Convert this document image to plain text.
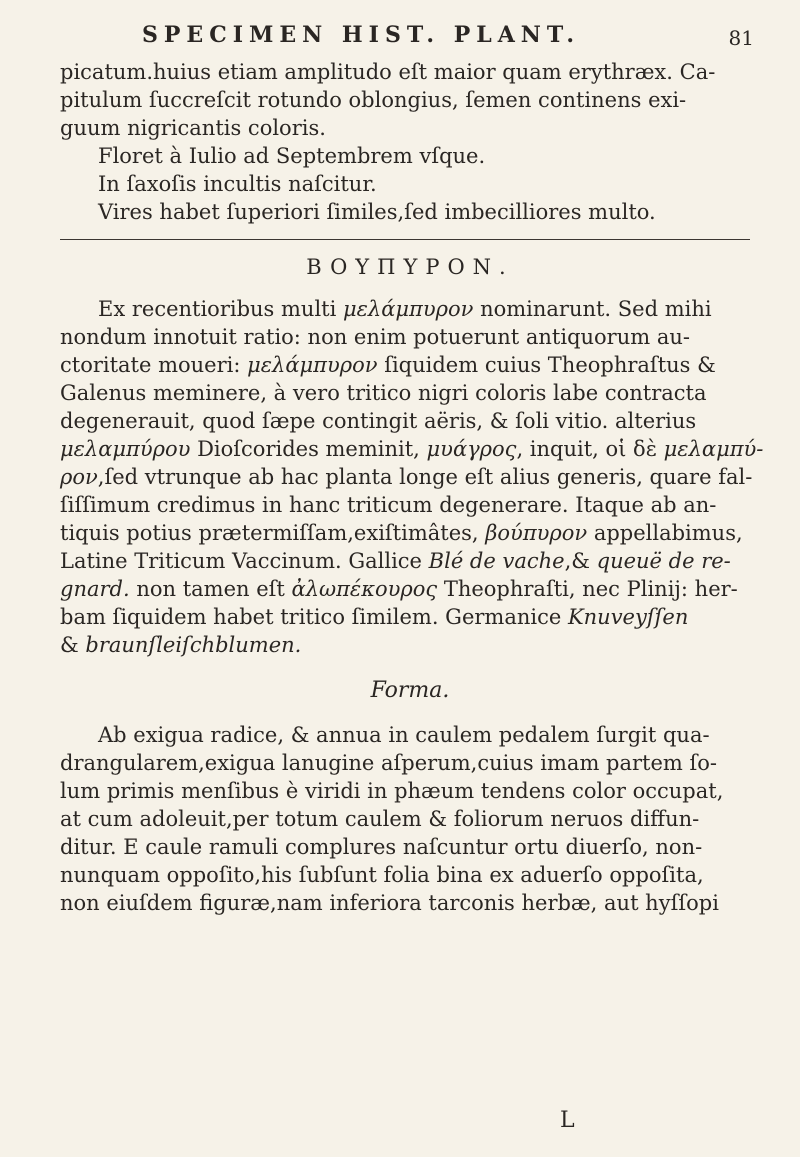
SPECIMEN HIST. PLANT.	81
picatum.huius etiam amplitudo eſt maior quam erythræx. Ca-
pitulum ſuccreſcit rotundo oblongius, ſemen continens exi-
guum nigricantis coloris.
Floret à Iulio ad Septembrem vſque.
In ſaxoſis incultis naſcitur.
Vires habet ſuperiori ſimiles,ſed imbecilliores multo.
BOΥΠΥΡΟΝ.
Ex recentioribus multi μελάμπυρον nominarunt. Sed mihi
nondum innotuit ratio: non enim potuerunt antiquorum au-
ctoritate moueri: μελάμπυρον ſiquidem cuius Theophraſtus &
Galenus meminere, à vero tritico nigri coloris labe contracta
degenerauit, quod ſæpe contingit aëris, & ſoli vitio. alterius
μελαμπύρου Dioſcorides meminit, μυάγρος, inquit, οἱ δὲ μελαμπύ-
ρον,ſed vtrunque ab hac planta longe eſt alius generis, quare fal-
ſiſſimum credimus in hanc triticum degenerare. Itaque ab an-
tiquis potius prætermiſſam,exiſtimâtes, βούπυρον appellabimus,
Latine Triticum Vaccinum. Gallice Blé de vache,& queuë de re-
gnard. non tamen eſt ἀλωπέκουρος Theophraſti, nec Plinij: her-
bam ſiquidem habet tritico ſimilem. Germanice Knuveyſſen
& braunſleiſchblumen.
Forma.
Ab exigua radice, & annua in caulem pedalem ſurgit qua-
drangularem,exigua lanugine aſperum,cuius imam partem ſo-
lum primis menſibus è viridi in phæum tendens color occupat,
at cum adoleuit,per totum caulem & foliorum neruos diffun-
ditur. E caule ramuli complures naſcuntur ortu diuerſo, non-
nunquam oppoſito,his ſubſunt folia bina ex aduerſo oppoſita,
non eiuſdem figuræ,nam inferiora tarconis herbæ, aut hyſſopi
L
